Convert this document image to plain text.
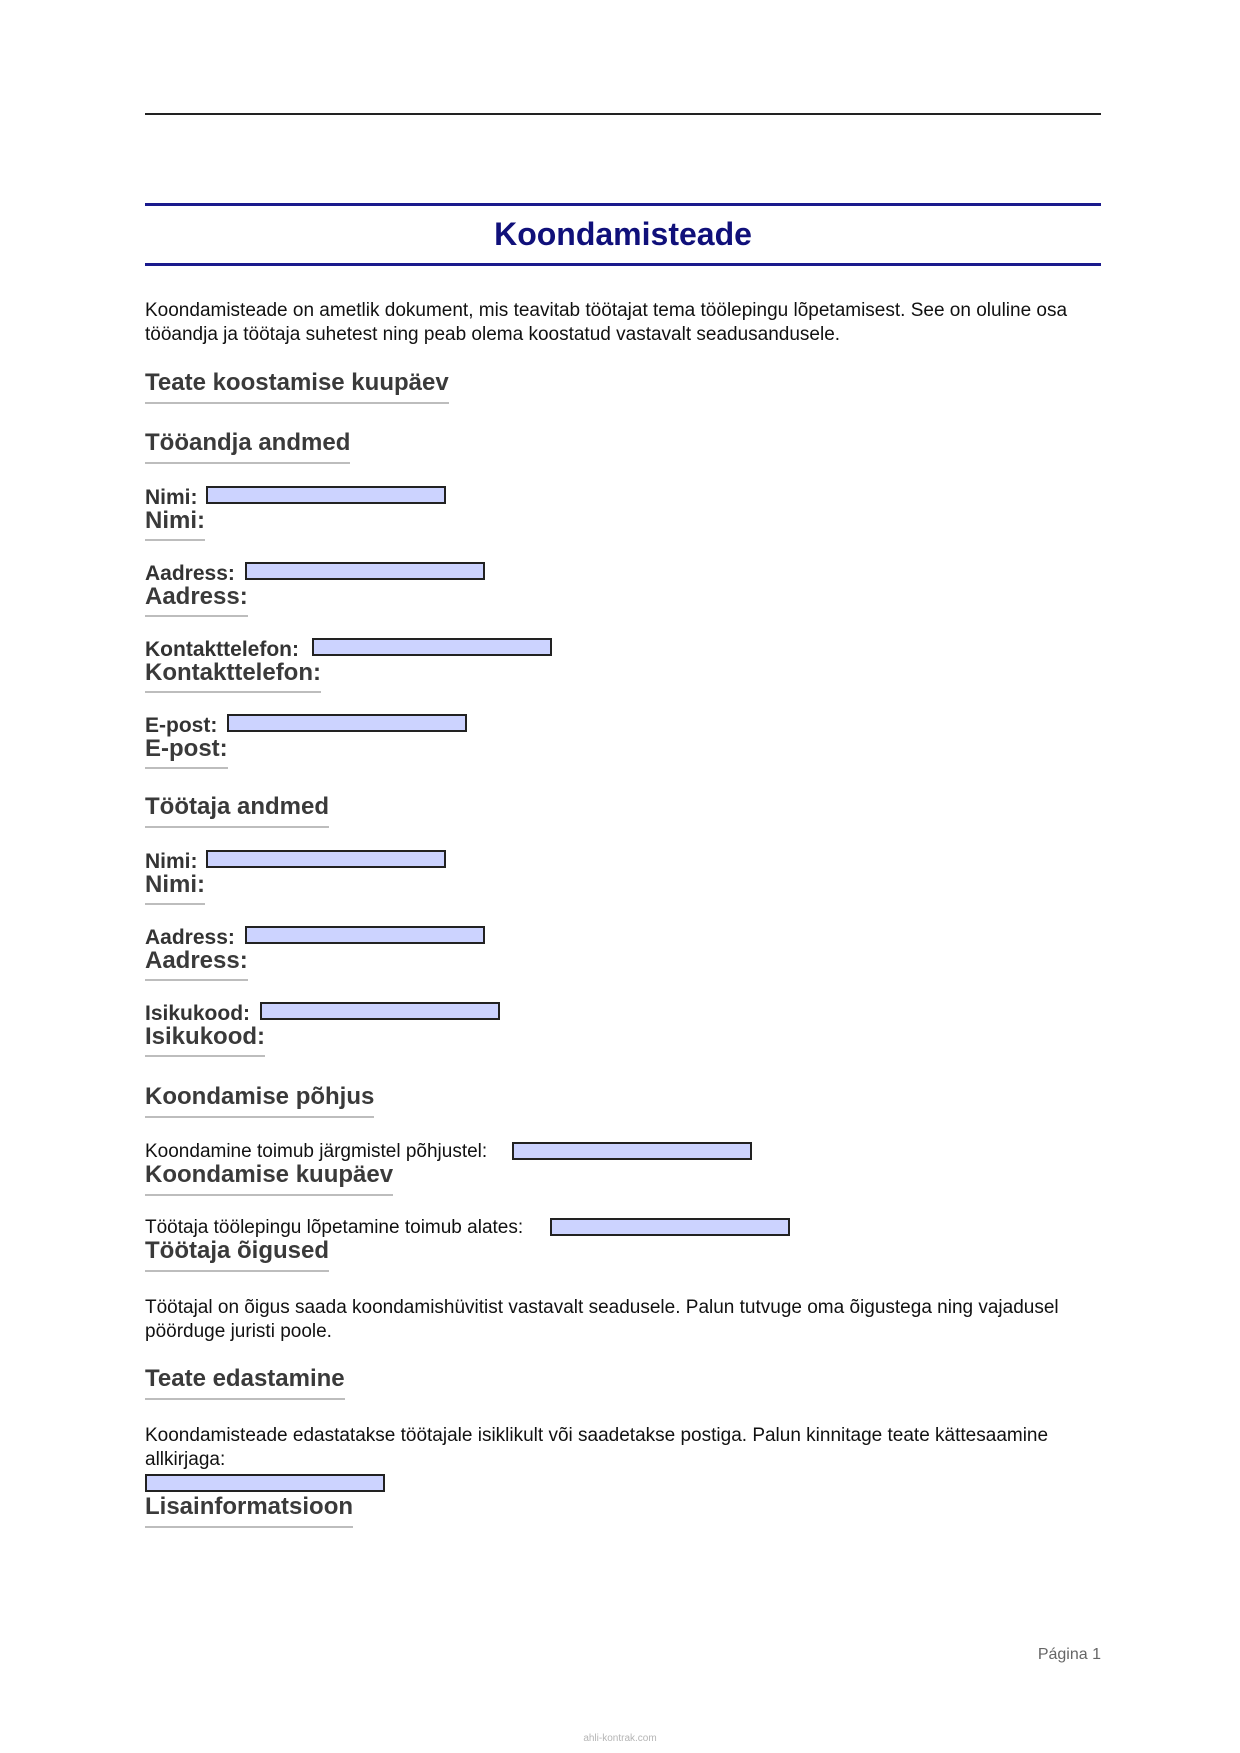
Koondamisteade
Koondamisteade on ametlik dokument, mis teavitab töötajat tema töölepingu lõpetamisest. See on oluline osa tööandja ja töötaja suhetest ning peab olema koostatud vastavalt seadusandusele.
Teate koostamise kuupäev
Tööandja andmed
Nimi:
Nimi:
Aadress:
Aadress:
Kontakttelefon:
Kontakttelefon:
E-post:
E-post:
Töötaja andmed
Nimi:
Nimi:
Aadress:
Aadress:
Isikukood:
Isikukood:
Koondamise põhjus
Koondamine toimub järgmistel põhjustel:
Koondamise kuupäev
Töötaja töölepingu lõpetamine toimub alates:
Töötaja õigused
Töötajal on õigus saada koondamishüvitist vastavalt seadusele. Palun tutvuge oma õigustega ning vajadusel pöörduge juristi poole.
Teate edastamine
Koondamisteade edastatakse töötajale isiklikult või saadetakse postiga. Palun kinnitage teate kättesaamine allkirjaga:
Lisainformatsioon
Página 1
ahli-kontrak.com
